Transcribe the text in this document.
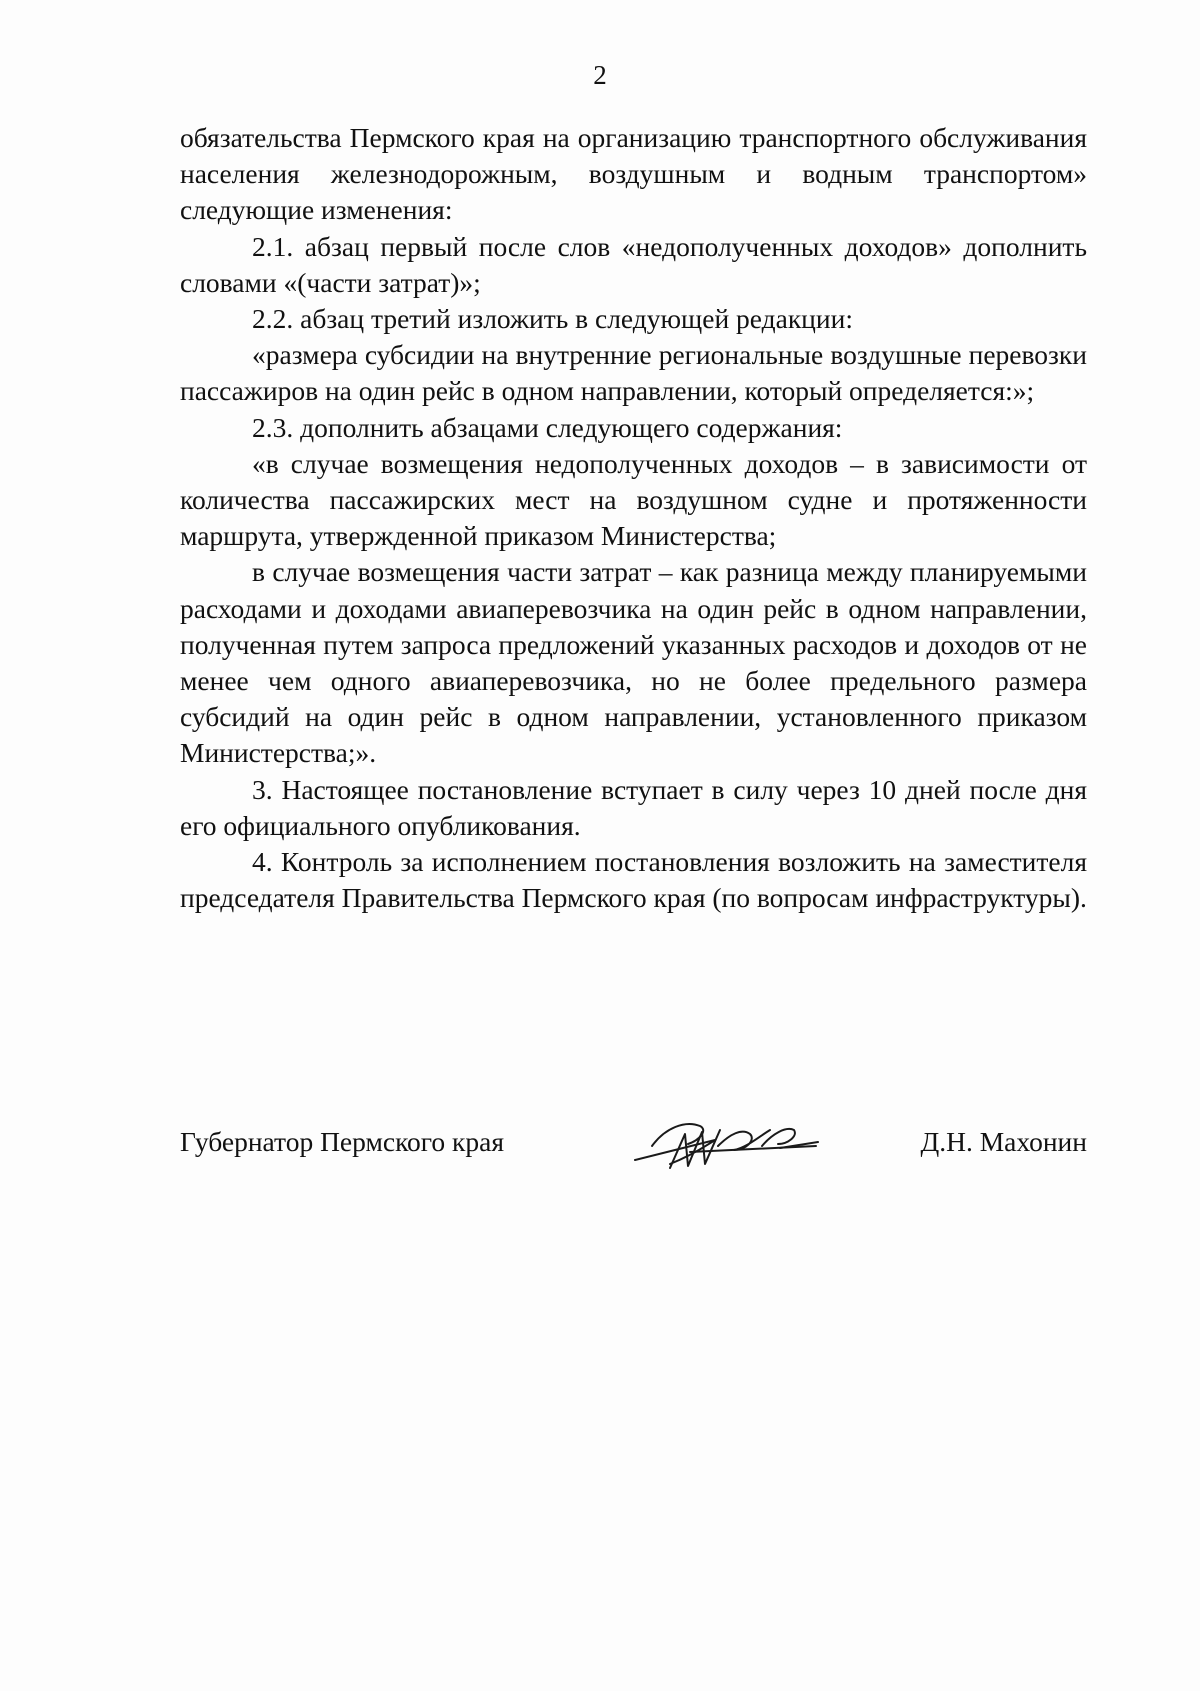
2

обязательства Пермского края на организацию транспортного обслуживания населения железнодорожным, воздушным и водным транспортом» следующие изменения:

2.1. абзац первый после слов «недополученных доходов» дополнить словами «(части затрат)»;

2.2. абзац третий изложить в следующей редакции:

«размера субсидии на внутренние региональные воздушные перевозки пассажиров на один рейс в одном направлении, который определяется:»;

2.3. дополнить абзацами следующего содержания:

«в случае возмещения недополученных доходов – в зависимости от количества пассажирских мест на воздушном судне и протяженности маршрута, утвержденной приказом Министерства;

в случае возмещения части затрат – как разница между планируемыми расходами и доходами авиаперевозчика на один рейс в одном направлении, полученная путем запроса предложений указанных расходов и доходов от не менее чем одного авиаперевозчика, но не более предельного размера субсидий на один рейс в одном направлении, установленного приказом Министерства;».

3. Настоящее постановление вступает в силу через 10 дней после дня его официального опубликования.

4. Контроль за исполнением постановления возложить на заместителя председателя Правительства Пермского края (по вопросам инфраструктуры).

Губернатор Пермского края	Д.Н. Махонин
